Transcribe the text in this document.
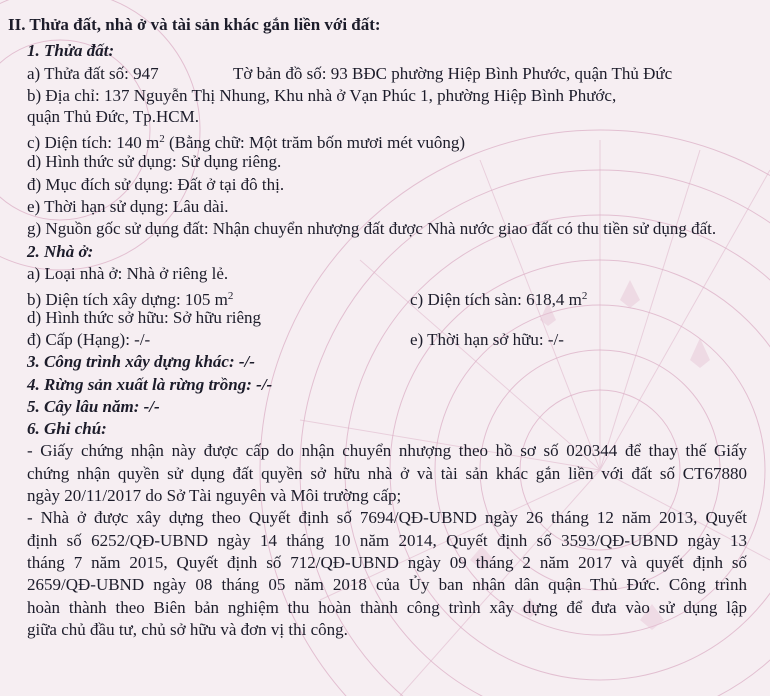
II. Thửa đất, nhà ở và tài sản khác gắn liền với đất:
1. Thửa đất:
a) Thửa đất số: 947	Tờ bản đồ số: 93 BĐC phường Hiệp Bình Phước, quận Thủ Đức
b) Địa chỉ: 137 Nguyễn Thị Nhung, Khu nhà ở Vạn Phúc 1, phường Hiệp Bình Phước,
quận Thủ Đức, Tp.HCM.
c) Diện tích: 140 $m^2$ (Bằng chữ: Một trăm bốn mươi mét vuông)
d) Hình thức sử dụng: Sử dụng riêng.
đ) Mục đích sử dụng: Đất ở tại đô thị.
e) Thời hạn sử dụng: Lâu dài.
g) Nguồn gốc sử dụng đất: Nhận chuyển nhượng đất được Nhà nước giao đất có thu tiền sử dụng đất.
2. Nhà ở:
a) Loại nhà ở: Nhà ở riêng lẻ.
b) Diện tích xây dựng: 105 $m^2$	c) Diện tích sàn: 618,4 $m^2$
d) Hình thức sở hữu: Sở hữu riêng
đ) Cấp (Hạng): -/-	e) Thời hạn sở hữu: -/-
3. Công trình xây dựng khác: -/-
4. Rừng sản xuất là rừng trồng: -/-
5. Cây lâu năm: -/-
6. Ghi chú:
- Giấy chứng nhận này được cấp do nhận chuyển nhượng theo hồ sơ số 020344 để thay thế Giấy
chứng nhận quyền sử dụng đất quyền sở hữu nhà ở và tài sản khác gắn liền với đất số CT67880
ngày 20/11/2017 do Sở Tài nguyên và Môi trường cấp;
- Nhà ở được xây dựng theo Quyết định số 7694/QĐ-UBND ngày 26 tháng 12 năm 2013, Quyết
định số 6252/QĐ-UBND ngày 14 tháng 10 năm 2014, Quyết định số 3593/QĐ-UBND ngày 13
tháng 7 năm 2015, Quyết định số 712/QĐ-UBND ngày 09 tháng 2 năm 2017 và quyết định số
2659/QĐ-UBND ngày 08 tháng 05 năm 2018 của Ủy ban nhân dân quận Thủ Đức. Công trình
hoàn thành theo Biên bản nghiệm thu hoàn thành công trình xây dựng để đưa vào sử dụng lập
giữa chủ đầu tư, chủ sở hữu và đơn vị thi công.
